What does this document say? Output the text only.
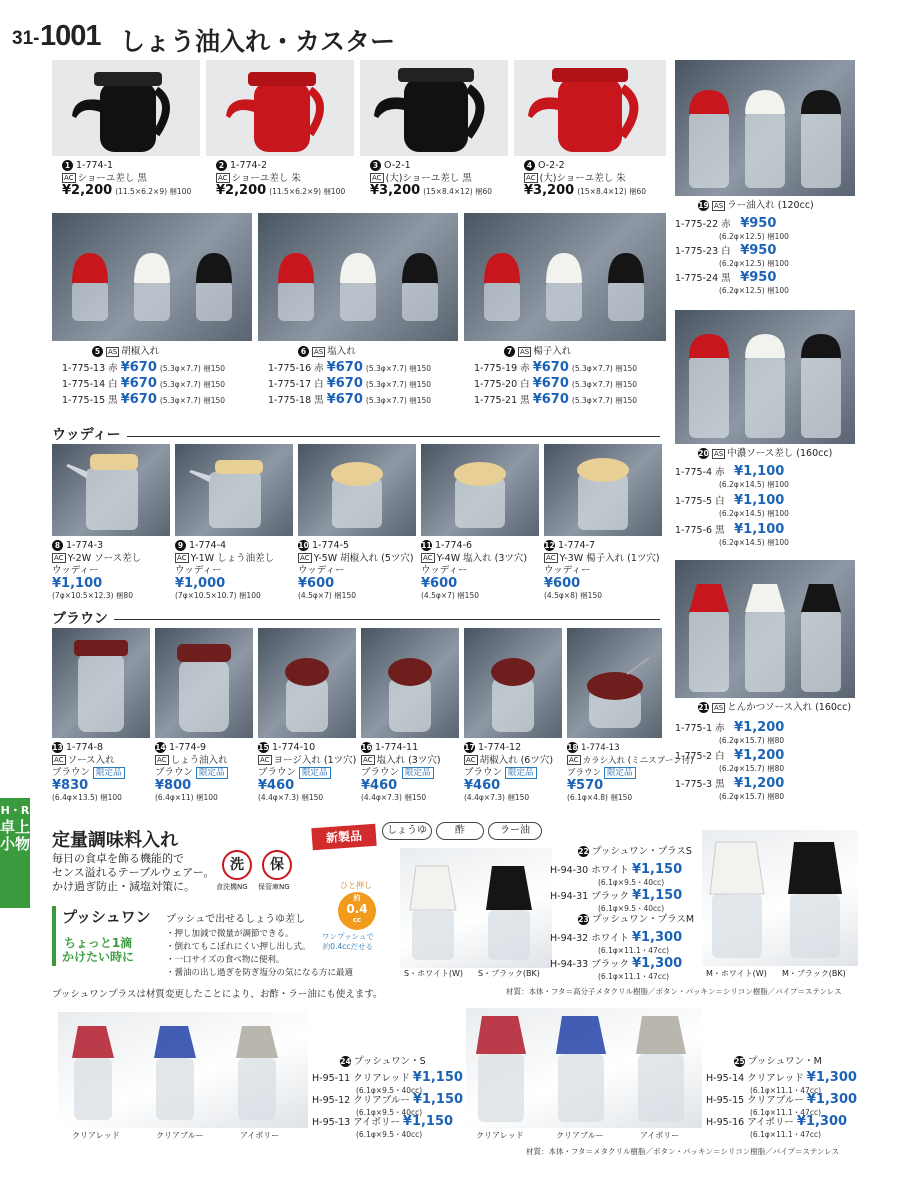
31- 1001 しょう油入れ・カスター
H・R
卓上
小物
1 1-774-1
AC ショーユ差し 黒
¥2,200 (11.5×6.2×9) 梱100
2 1-774-2
AC ショーユ差し 朱
¥2,200 (11.5×6.2×9) 梱100
3 O-2-1
AC (大)ショーユ差し 黒
¥3,200 (15×8.4×12) 梱60
4 O-2-2
AC (大)ショーユ差し 朱
¥3,200 (15×8.4×12) 梱60
5 AS 胡椒入れ
1-775-13 赤 ¥670 (5.3φ×7.7) 梱150
1-775-14 白 ¥670 (5.3φ×7.7) 梱150
1-775-15 黒 ¥670 (5.3φ×7.7) 梱150
6 AS 塩入れ
1-775-16 赤 ¥670 (5.3φ×7.7) 梱150
1-775-17 白 ¥670 (5.3φ×7.7) 梱150
1-775-18 黒 ¥670 (5.3φ×7.7) 梱150
7 AS 楊子入れ
1-775-19 赤 ¥670 (5.3φ×7.7) 梱150
1-775-20 白 ¥670 (5.3φ×7.7) 梱150
1-775-21 黒 ¥670 (5.3φ×7.7) 梱150
ウッディー
8 1-774-3
AC Y-2W ソース差し
ウッディー
¥1,100
(7φ×10.5×12.3) 梱80
9 1-774-4
AC Y-1W しょう油差し
ウッディー
¥1,000
(7φ×10.5×10.7) 梱100
10 1-774-5
AC Y-5W 胡椒入れ (5ツ穴)
ウッディー
¥600
(4.5φ×7) 梱150
11 1-774-6
AC Y-4W 塩入れ (3ツ穴)
ウッディー
¥600
(4.5φ×7) 梱150
12 1-774-7
AC Y-3W 楊子入れ (1ツ穴)
ウッディー
¥600
(4.5φ×8) 梱150
ブラウン
13 1-774-8
AC ソース入れ
ブラウン 限定品
¥830
(6.4φ×13.5) 梱100
14 1-774-9
AC しょう油入れ
ブラウン 限定品
¥800
(6.4φ×11) 梱100
15 1-774-10
AC ヨージ入れ (1ツ穴)
ブラウン 限定品
¥460
(4.4φ×7.3) 梱150
16 1-774-11
AC 塩入れ (3ツ穴)
ブラウン 限定品
¥460
(4.4φ×7.3) 梱150
17 1-774-12
AC 胡椒入れ (6ツ穴)
ブラウン 限定品
¥460
(4.4φ×7.3) 梱150
18 1-774-13
AC カラシ入れ (ミニスプーン付)
ブラウン 限定品
¥570
(6.1φ×4.8) 梱150
19 AS ラー油入れ (120cc)
1-775-22 赤　 ¥950
(6.2φ×12.5) 梱100
1-775-23 白　 ¥950
(6.2φ×12.5) 梱100
1-775-24 黒　 ¥950
(6.2φ×12.5) 梱100
20 AS 中濃ソース差し (160cc)
1-775-4 赤　 ¥1,100
(6.2φ×14.5) 梱100
1-775-5 白　 ¥1,100
(6.2φ×14.5) 梱100
1-775-6 黒　 ¥1,100
(6.2φ×14.5) 梱100
21 AS とんかつソース入れ (160cc)
1-775-1 赤　 ¥1,200
(6.2φ×15.7) 梱80
1-775-2 白　 ¥1,200
(6.2φ×15.7) 梱80
1-775-3 黒　 ¥1,200
(6.2φ×15.7) 梱80
定量調味料入れ	新製品	しょうゆ	酢	ラー油
毎日の食卓を飾る機能的で
センス溢れるテーブルウェアー。
かけ過ぎ防止・減塩対策に。
洗
食洗機NG
保
保管庫NG	ひと押し
約
0.4
cc
ワンプッシュで
約0.4ccだせる
プッシュワン プッシュで出せるしょうゆ差し
ちょっと1滴
かけたい時に
・押し加減で微量が調節できる。
・倒れてもこぼれにくい押し出し式。
・一口サイズの食べ物に便利。
・醤油の出し過ぎを防ぎ塩分の気になる方に最適
プッシュワンプラスは材質変更したことにより、お酢・ラー油にも使えます。
S・ホワイト(W) S・ブラック(BK)	M・ホワイト(W) M・ブラック(BK)
22 プッシュワン・プラスS
H-94-30 ホワイト ¥1,150
(6.1φ×9.5・40cc)
H-94-31 ブラック ¥1,150
(6.1φ×9.5・40cc)
23 プッシュワン・プラスM
H-94-32 ホワイト ¥1,300
(6.1φ×11.1・47cc)
H-94-33 ブラック ¥1,300
(6.1φ×11.1・47cc)
材質：本体・フタ＝高分子メタクリル樹脂／ボタン・パッキン＝シリコン樹脂／パイプ＝ステンレス
クリアレッド	クリアブルー	アイボリー	クリアレッド	クリアブルー	アイボリー
24 プッシュワン・S
H-95-11 クリアレッド ¥1,150
(6.1φ×9.5・40cc)
H-95-12 クリアブルー ¥1,150
(6.1φ×9.5・40cc)
H-95-13 アイボリー ¥1,150
(6.1φ×9.5・40cc)
25 プッシュワン・M
H-95-14 クリアレッド ¥1,300
(6.1φ×11.1・47cc)
H-95-15 クリアブルー ¥1,300
(6.1φ×11.1・47cc)
H-95-16 アイボリー ¥1,300
(6.1φ×11.1・47cc)
材質：本体・フタ＝メタクリル樹脂／ボタン・パッキン＝シリコン樹脂／パイプ＝ステンレス
